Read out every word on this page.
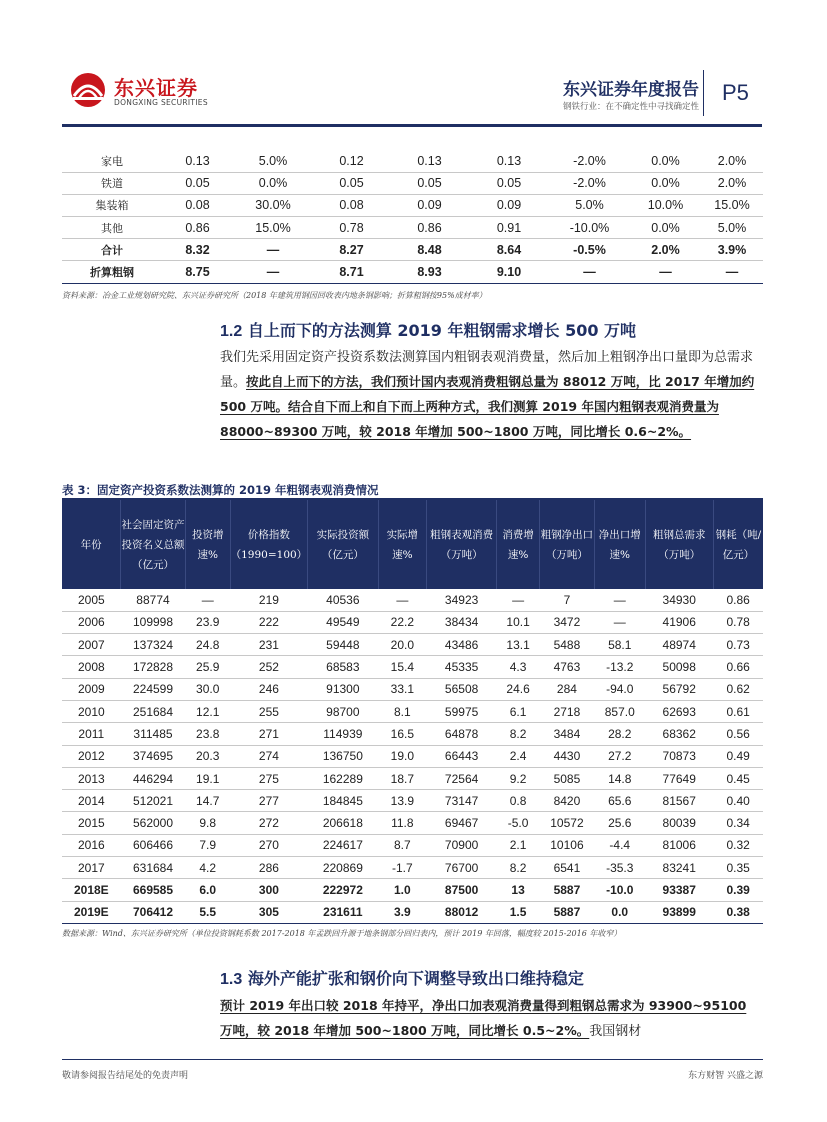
东兴证券
DONGXING SECURITIES
东兴证券年度报告
钢铁行业：在不确定性中寻找确定性
P5
家电	0.13	5.0%	0.12	0.13	0.13	-2.0%	0.0%	2.0%
铁道	0.05	0.0%	0.05	0.05	0.05	-2.0%	0.0%	2.0%
集装箱	0.08	30.0%	0.08	0.09	0.09	5.0%	10.0%	15.0%
其他	0.86	15.0%	0.78	0.86	0.91	-10.0%	0.0%	5.0%
合计	8.32	—	8.27	8.48	8.64	-0.5%	2.0%	3.9%
折算粗钢	8.75	—	8.71	8.93	9.10	—	—	—
资料来源：冶金工业规划研究院、东兴证券研究所（2018 年建筑用钢因回收表内地条钢影响；折算粗钢按95%成材率）
1.2 自上而下的方法测算 2019 年粗钢需求增长 500 万吨
我们先采用固定资产投资系数法测算国内粗钢表观消费量，然后加上粗钢净出口量即为总需求量。按此自上而下的方法，我们预计国内表观消费粗钢总量为 88012 万吨，比 2017 年增加约 500 万吨。结合自下而上和自下而上两种方式，我们测算 2019 年国内粗钢表观消费量为 88000~89300 万吨，较 2018 年增加 500~1800 万吨，同比增长 0.6~2%。
表 3：固定资产投资系数法测算的 2019 年粗钢表观消费情况
年份	社会固定资产投资名义总额（亿元）	投资增速%	价格指数（1990=100）	实际投资额（亿元）	实际增速%	粗钢表观消费（万吨）	消费增速%	粗钢净出口（万吨）	净出口增速%	粗钢总需求（万吨）	钢耗（吨/亿元）
2005	88774	—	219	40536	—	34923	—	7	—	34930	0.86
2006	109998	23.9	222	49549	22.2	38434	10.1	3472	—	41906	0.78
2007	137324	24.8	231	59448	20.0	43486	13.1	5488	58.1	48974	0.73
2008	172828	25.9	252	68583	15.4	45335	4.3	4763	-13.2	50098	0.66
2009	224599	30.0	246	91300	33.1	56508	24.6	284	-94.0	56792	0.62
2010	251684	12.1	255	98700	8.1	59975	6.1	2718	857.0	62693	0.61
2011	311485	23.8	271	114939	16.5	64878	8.2	3484	28.2	68362	0.56
2012	374695	20.3	274	136750	19.0	66443	2.4	4430	27.2	70873	0.49
2013	446294	19.1	275	162289	18.7	72564	9.2	5085	14.8	77649	0.45
2014	512021	14.7	277	184845	13.9	73147	0.8	8420	65.6	81567	0.40
2015	562000	9.8	272	206618	11.8	69467	-5.0	10572	25.6	80039	0.34
2016	606466	7.9	270	224617	8.7	70900	2.1	10106	-4.4	81006	0.32
2017	631684	4.2	286	220869	-1.7	76700	8.2	6541	-35.3	83241	0.35
2018E	669585	6.0	300	222972	1.0	87500	13	5887	-10.0	93387	0.39
2019E	706412	5.5	305	231611	3.9	88012	1.5	5887	0.0	93899	0.38
数据来源：Wind、东兴证券研究所（单位投资钢耗系数 2017-2018 年孟跌回升源于地条钢部分回归表内，预计 2019 年回落，幅度较 2015-2016 年收窄）
1.3 海外产能扩张和钢价向下调整导致出口维持稳定
预计 2019 年出口较 2018 年持平，净出口加表观消费量得到粗钢总需求为 93900~95100 万吨，较 2018 年增加 500~1800 万吨，同比增长 0.5~2%。我国钢材
敬请参阅报告结尾处的免责声明	东方财智 兴盛之源
